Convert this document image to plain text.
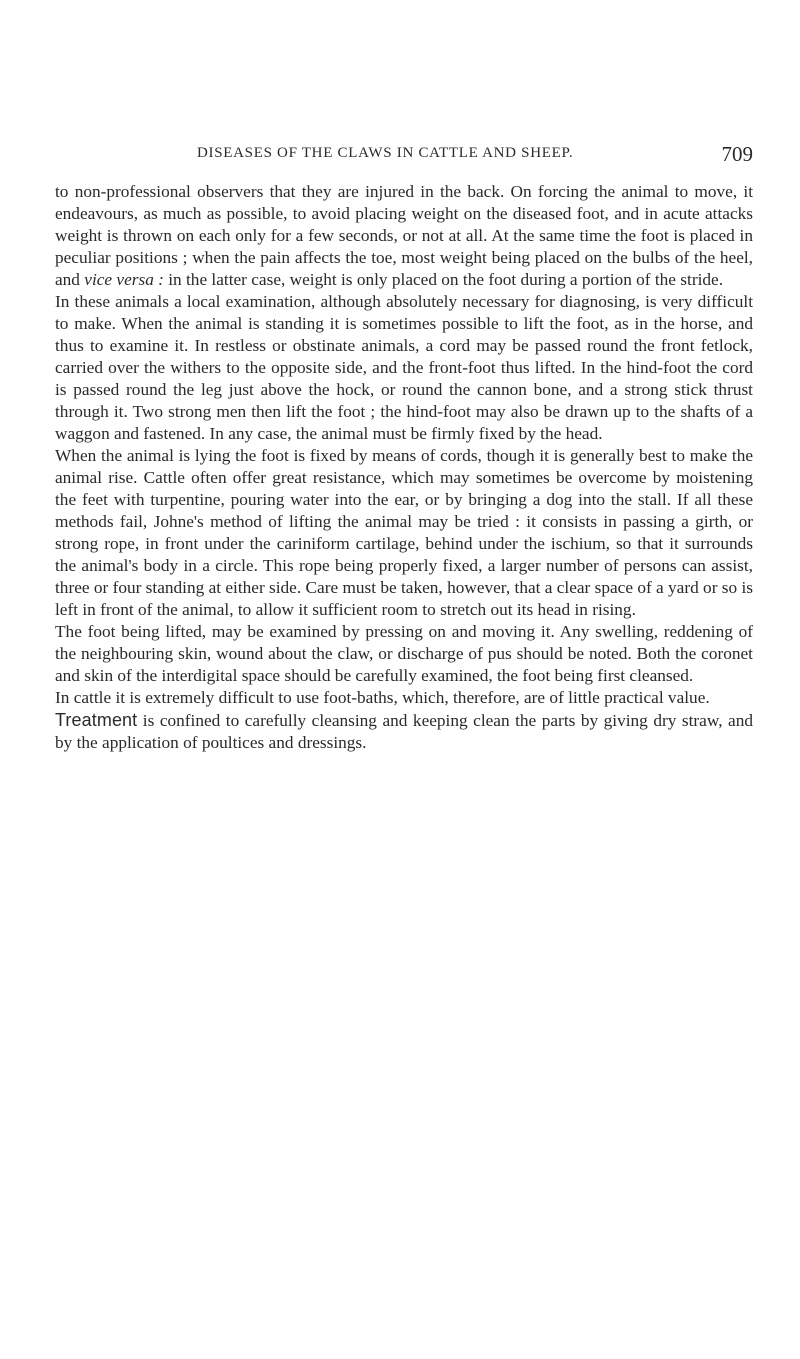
DISEASES OF THE CLAWS IN CATTLE AND SHEEP.	709

to non-professional observers that they are injured in the back. On forcing the animal to move, it endeavours, as much as possible, to avoid placing weight on the diseased foot, and in acute attacks weight is thrown on each only for a few seconds, or not at all. At the same time the foot is placed in peculiar positions ; when the pain affects the toe, most weight being placed on the bulbs of the heel, and vice versa : in the latter case, weight is only placed on the foot during a portion of the stride.

In these animals a local examination, although absolutely necessary for diagnosing, is very difficult to make. When the animal is standing it is sometimes possible to lift the foot, as in the horse, and thus to examine it. In restless or obstinate animals, a cord may be passed round the front fetlock, carried over the withers to the opposite side, and the front-foot thus lifted. In the hind-foot the cord is passed round the leg just above the hock, or round the cannon bone, and a strong stick thrust through it. Two strong men then lift the foot ; the hind-foot may also be drawn up to the shafts of a waggon and fastened. In any case, the animal must be firmly fixed by the head.

When the animal is lying the foot is fixed by means of cords, though it is generally best to make the animal rise. Cattle often offer great resistance, which may sometimes be overcome by moistening the feet with turpentine, pouring water into the ear, or by bringing a dog into the stall. If all these methods fail, Johne's method of lifting the animal may be tried : it consists in passing a girth, or strong rope, in front under the cariniform cartilage, behind under the ischium, so that it surrounds the animal's body in a circle. This rope being properly fixed, a larger number of persons can assist, three or four standing at either side. Care must be taken, however, that a clear space of a yard or so is left in front of the animal, to allow it sufficient room to stretch out its head in rising.

The foot being lifted, may be examined by pressing on and moving it. Any swelling, reddening of the neighbouring skin, wound about the claw, or discharge of pus should be noted. Both the coronet and skin of the interdigital space should be carefully examined, the foot being first cleansed.

In cattle it is extremely difficult to use foot-baths, which, therefore, are of little practical value.

Treatment is confined to carefully cleansing and keeping clean the parts by giving dry straw, and by the application of poultices and dressings.
